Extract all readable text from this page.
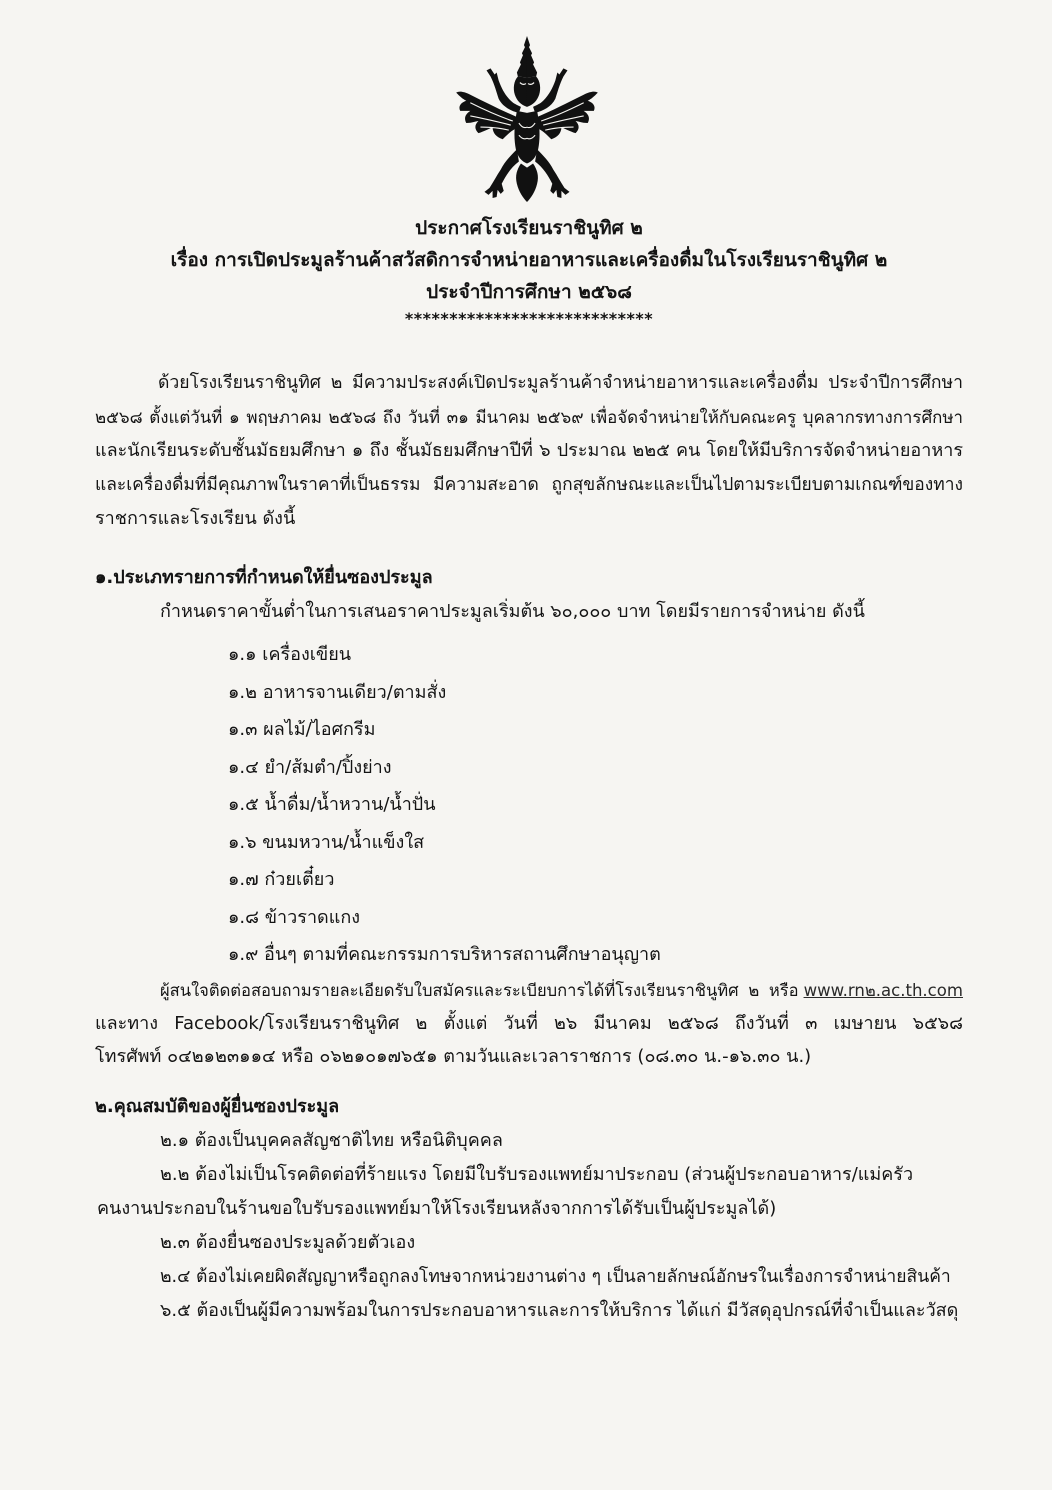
ประกาศโรงเรียนราชินูทิศ ๒
เรื่อง การเปิดประมูลร้านค้าสวัสดิการจำหน่ายอาหารและเครื่องดื่มในโรงเรียนราชินูทิศ ๒
ประจำปีการศึกษา ๒๕๖๘
****************************
ด้วยโรงเรียนราชินูทิศ ๒ มีความประสงค์เปิดประมูลร้านค้าจำหน่ายอาหารและเครื่องดื่ม ประจำปีการศึกษา
๒๕๖๘ ตั้งแต่วันที่ ๑ พฤษภาคม ๒๕๖๘ ถึง วันที่ ๓๑ มีนาคม ๒๕๖๙ เพื่อจัดจำหน่ายให้กับคณะครู บุคลากรทางการศึกษา
และนักเรียนระดับชั้นมัธยมศึกษา ๑ ถึง ชั้นมัธยมศึกษาปีที่ ๖ ประมาณ ๒๒๕ คน โดยให้มีบริการจัดจำหน่ายอาหาร
และเครื่องดื่มที่มีคุณภาพในราคาที่เป็นธรรม มีความสะอาด ถูกสุขลักษณะและเป็นไปตามระเบียบตามเกณฑ์ของทาง
ราชการและโรงเรียน ดังนี้
๑.ประเภทรายการที่กำหนดให้ยื่นซองประมูล
กำหนดราคาขั้นต่ำในการเสนอราคาประมูลเริ่มต้น ๖๐,๐๐๐ บาท โดยมีรายการจำหน่าย ดังนี้
๑.๑ เครื่องเขียน
๑.๒ อาหารจานเดียว/ตามสั่ง
๑.๓ ผลไม้/ไอศกรีม
๑.๔ ยำ/ส้มตำ/ปิ้งย่าง
๑.๕ น้ำดื่ม/น้ำหวาน/น้ำปั่น
๑.๖ ขนมหวาน/น้ำแข็งใส
๑.๗ ก๋วยเตี๋ยว
๑.๘ ข้าวราดแกง
๑.๙ อื่นๆ ตามที่คณะกรรมการบริหารสถานศึกษาอนุญาต
ผู้สนใจติดต่อสอบถามรายละเอียดรับใบสมัครและระเบียบการได้ที่โรงเรียนราชินูทิศ ๒ หรือ www.rn๒.ac.th.com
และทาง Facebook/โรงเรียนราชินูทิศ ๒ ตั้งแต่ วันที่ ๒๖ มีนาคม ๒๕๖๘ ถึงวันที่ ๓ เมษายน ๖๕๖๘
โทรศัพท์ ๐๔๒๑๒๓๑๑๔ หรือ ๐๖๒๑๐๑๗๖๕๑ ตามวันและเวลาราชการ (๐๘.๓๐ น.-๑๖.๓๐ น.)
๒.คุณสมบัติของผู้ยื่นซองประมูล
๒.๑ ต้องเป็นบุคคลสัญชาติไทย หรือนิติบุคคล
๒.๒ ต้องไม่เป็นโรคติดต่อที่ร้ายแรง โดยมีใบรับรองแพทย์มาประกอบ (ส่วนผู้ประกอบอาหาร/แม่ครัว
คนงานประกอบในร้านขอใบรับรองแพทย์มาให้โรงเรียนหลังจากการได้รับเป็นผู้ประมูลได้)
๒.๓ ต้องยื่นซองประมูลด้วยตัวเอง
๒.๔ ต้องไม่เคยผิดสัญญาหรือถูกลงโทษจากหน่วยงานต่าง ๆ เป็นลายลักษณ์อักษรในเรื่องการจำหน่ายสินค้า
๖.๕ ต้องเป็นผู้มีความพร้อมในการประกอบอาหารและการให้บริการ ได้แก่ มีวัสดุอุปกรณ์ที่จำเป็นและวัสดุ
